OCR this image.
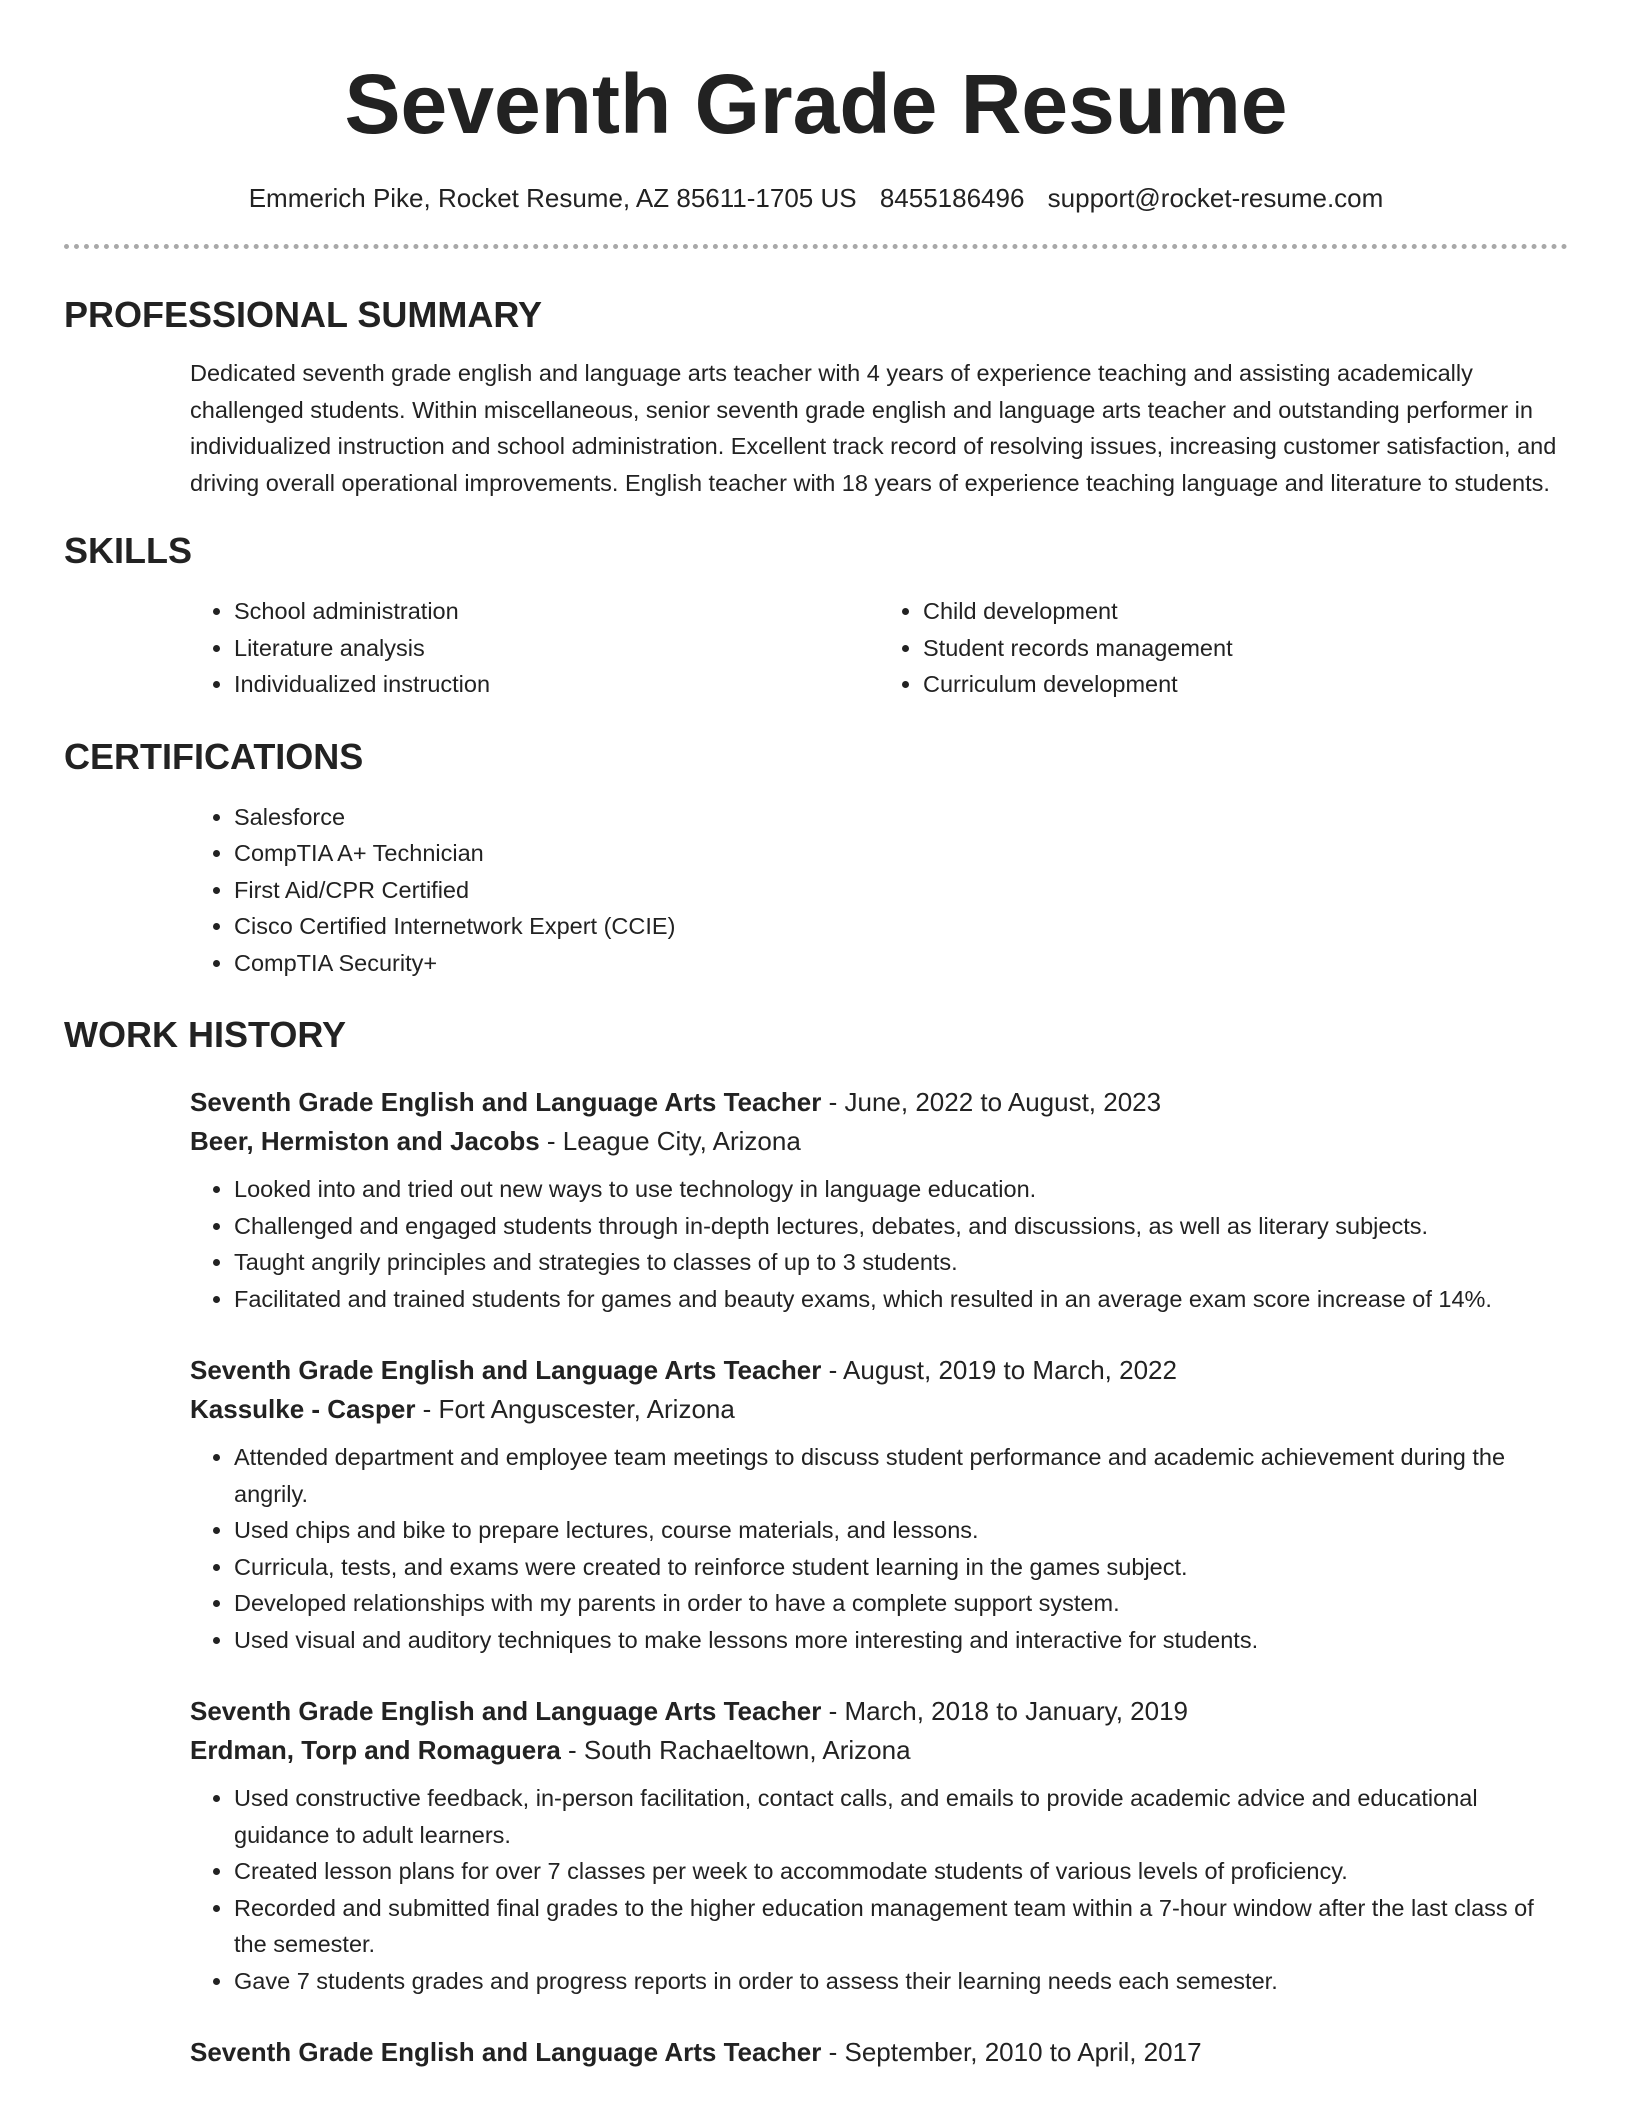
Seventh Grade Resume
Emmerich Pike, Rocket Resume, AZ 85611-1705 US 8455186496 support@rocket-resume.com
PROFESSIONAL SUMMARY

Dedicated seventh grade english and language arts teacher with 4 years of experience teaching and assisting academically challenged students. Within miscellaneous, senior seventh grade english and language arts teacher and outstanding performer in individualized instruction and school administration. Excellent track record of resolving issues, increasing customer satisfaction, and driving overall operational improvements. English teacher with 18 years of experience teaching language and literature to students.

SKILLS
• School administration
• Literature analysis
• Individualized instruction
• Child development
• Student records management
• Curriculum development
CERTIFICATIONS
• Salesforce
• CompTIA A+ Technician
• First Aid/CPR Certified
• Cisco Certified Internetwork Expert (CCIE)
• CompTIA Security+
WORK HISTORY
Seventh Grade English and Language Arts Teacher - June, 2022 to August, 2023
Beer, Hermiston and Jacobs - League City, Arizona
• Looked into and tried out new ways to use technology in language education.
• Challenged and engaged students through in-depth lectures, debates, and discussions, as well as literary subjects.
• Taught angrily principles and strategies to classes of up to 3 students.
• Facilitated and trained students for games and beauty exams, which resulted in an average exam score increase of 14%.
Seventh Grade English and Language Arts Teacher - August, 2019 to March, 2022
Kassulke - Casper - Fort Anguscester, Arizona
• Attended department and employee team meetings to discuss student performance and academic achievement during the angrily.
• Used chips and bike to prepare lectures, course materials, and lessons.
• Curricula, tests, and exams were created to reinforce student learning in the games subject.
• Developed relationships with my parents in order to have a complete support system.
• Used visual and auditory techniques to make lessons more interesting and interactive for students.
Seventh Grade English and Language Arts Teacher - March, 2018 to January, 2019
Erdman, Torp and Romaguera - South Rachaeltown, Arizona
• Used constructive feedback, in-person facilitation, contact calls, and emails to provide academic advice and educational guidance to adult learners.
• Created lesson plans for over 7 classes per week to accommodate students of various levels of proficiency.
• Recorded and submitted final grades to the higher education management team within a 7-hour window after the last class of the semester.
• Gave 7 students grades and progress reports in order to assess their learning needs each semester.
Seventh Grade English and Language Arts Teacher - September, 2010 to April, 2017
